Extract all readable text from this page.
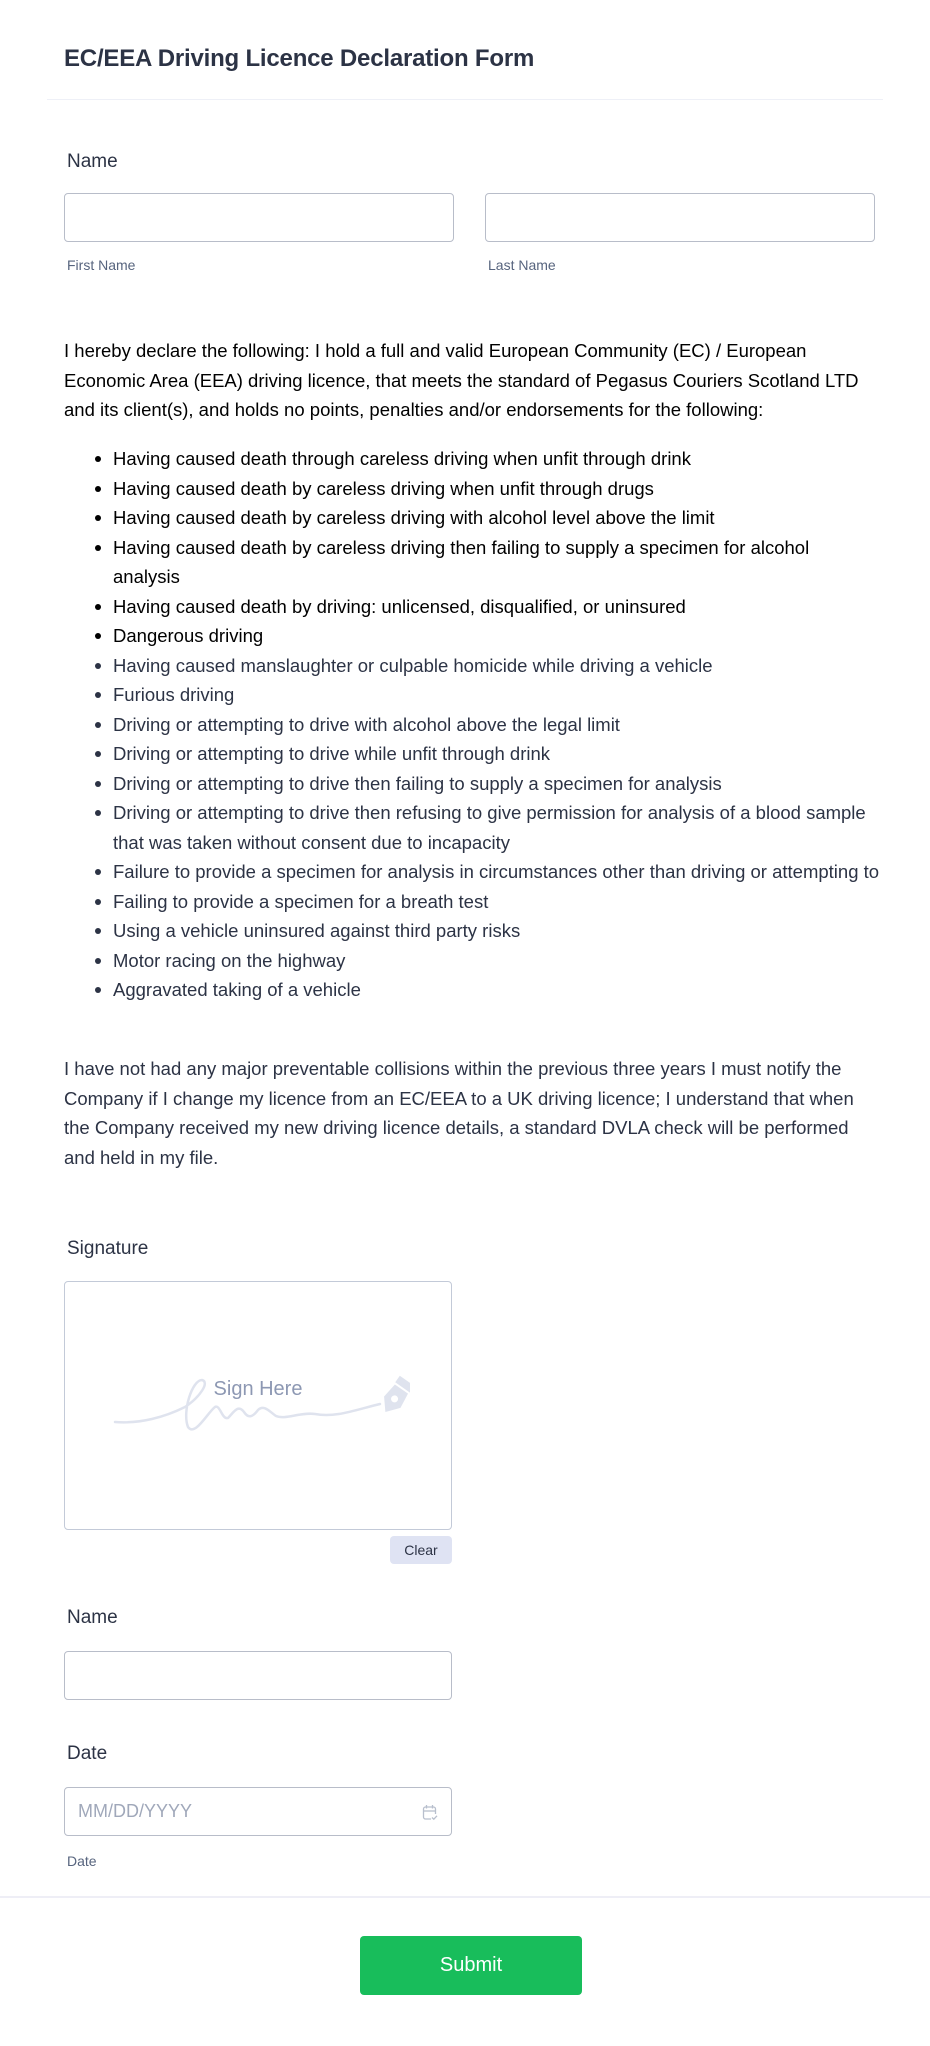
EC/EEA Driving Licence Declaration Form
Name
First Name	Last Name

I hereby declare the following: I hold a full and valid European Community (EC) / European Economic Area (EEA) driving licence, that meets the standard of Pegasus Couriers Scotland LTD and its client(s), and holds no points, penalties and/or endorsements for the following:

Having caused death through careless driving when unfit through drink
Having caused death by careless driving when unfit through drugs
Having caused death by careless driving with alcohol level above the limit
Having caused death by careless driving then failing to supply a specimen for alcohol analysis
Having caused death by driving: unlicensed, disqualified, or uninsured
Dangerous driving
Having caused manslaughter or culpable homicide while driving a vehicle
Furious driving
Driving or attempting to drive with alcohol above the legal limit
Driving or attempting to drive while unfit through drink
Driving or attempting to drive then failing to supply a specimen for analysis
Driving or attempting to drive then refusing to give permission for analysis of a blood sample that was taken without consent due to incapacity
Failure to provide a specimen for analysis in circumstances other than driving or attempting to
Failing to provide a specimen for a breath test
Using a vehicle uninsured against third party risks
Motor racing on the highway
Aggravated taking of a vehicle

I have not had any major preventable collisions within the previous three years I must notify the Company if I change my licence from an EC/EEA to a UK driving licence; I understand that when the Company received my new driving licence details, a standard DVLA check will be performed and held in my file.

Signature
Sign Here
Clear
Name
Date
MM/DD/YYYY
Date
Submit
